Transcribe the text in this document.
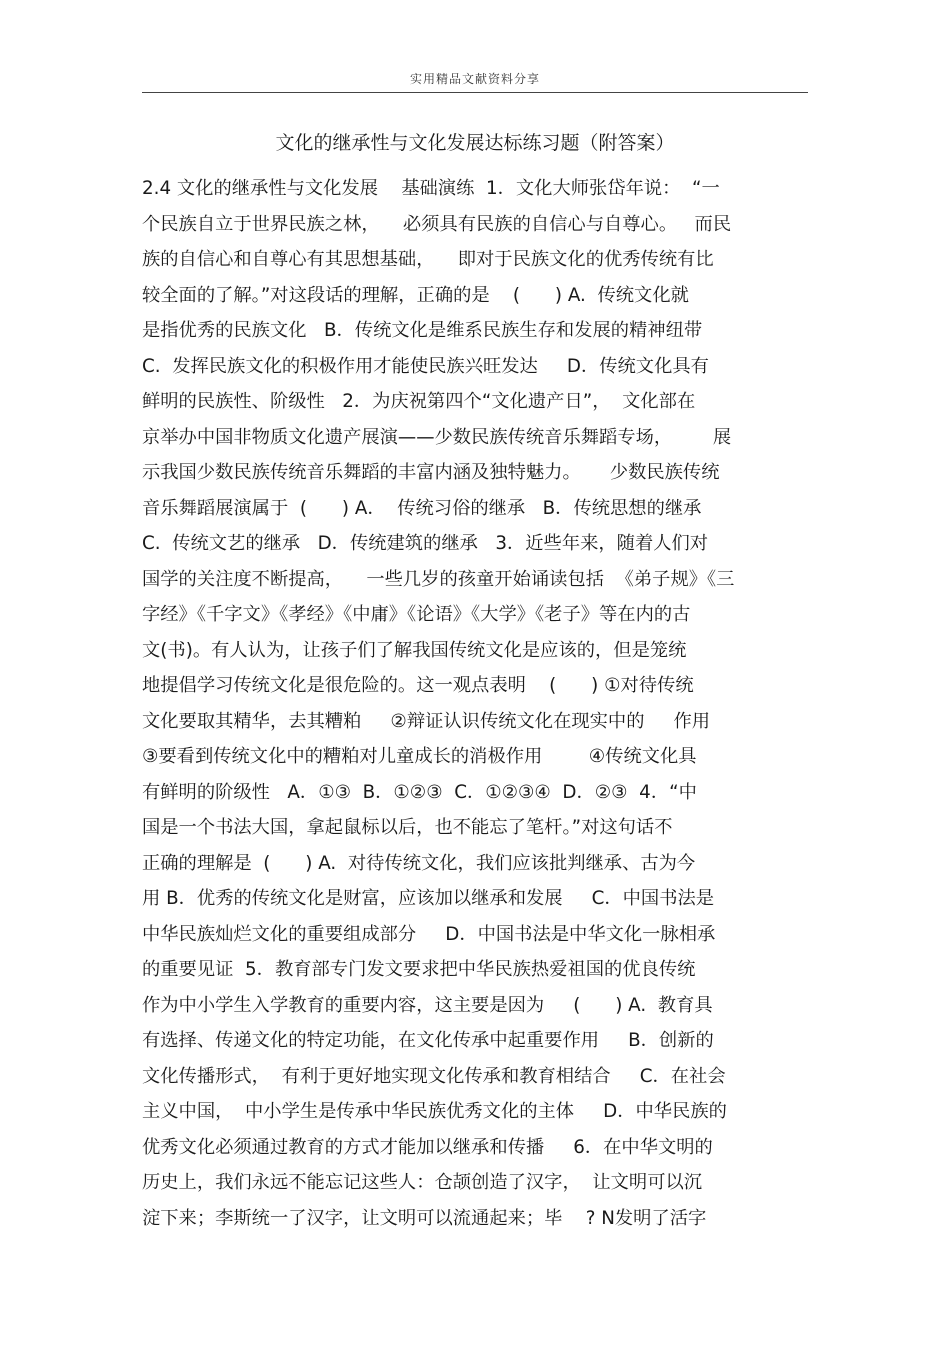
实用精品文献资料分享
文化的继承性与文化发展达标练习题（附答案）
2.4 文化的继承性与文化发展    基础演练  1．文化大师张岱年说：  “一
个民族自立于世界民族之林，    必须具有民族的自信心与自尊心。   而民
族的自信心和自尊心有其思想基础，    即对于民族文化的优秀传统有比
较全面的了解。”对这段话的理解，正确的是    (      ) A.  传统文化就
是指优秀的民族文化   B．传统文化是维系民族生存和发展的精神纽带
C.  发挥民族文化的积极作用才能使民族兴旺发达     D．传统文化具有
鲜明的民族性、阶级性   2．为庆祝第四个“文化遗产日”，  文化部在
京举办中国非物质文化遗产展演——少数民族传统音乐舞蹈专场，       展
示我国少数民族传统音乐舞蹈的丰富内涵及独特魅力。     少数民族传统
音乐舞蹈展演属于  (      ) A．  传统习俗的继承   B．传统思想的继承
C.  传统文艺的继承   D．传统建筑的继承   3．近些年来，随着人们对
国学的关注度不断提高，    一些几岁的孩童开始诵读包括  《弟子规》《三
字经》《千字文》《孝经》《中庸》《论语》《大学》《老子》等在内的古
文(书)。有人认为，让孩子们了解我国传统文化是应该的，但是笼统
地提倡学习传统文化是很危险的。这一观点表明    (      ) ①对待传统
文化要取其精华，去其糟粕     ②辩证认识传统文化在现实中的     作用
③要看到传统文化中的糟粕对儿童成长的消极作用        ④传统文化具
有鲜明的阶级性   A．①③  B．①②③  C．①②③④  D．②③  4．“中
国是一个书法大国，拿起鼠标以后，也不能忘了笔杆。”对这句话不
正确的理解是  (      ) A.  对待传统文化，我们应该批判继承、古为今
用 B．优秀的传统文化是财富，应该加以继承和发展     C．中国书法是
中华民族灿烂文化的重要组成部分     D．中国书法是中华文化一脉相承
的重要见证  5．教育部专门发文要求把中华民族热爱祖国的优良传统
作为中小学生入学教育的重要内容，这主要是因为     (      ) A.  教育具
有选择、传递文化的特定功能，在文化传承中起重要作用     B．创新的
文化传播形式，  有利于更好地实现文化传承和教育相结合     C．在社会
主义中国，  中小学生是传承中华民族优秀文化的主体     D．中华民族的
优秀文化必须通过教育的方式才能加以继承和传播     6．在中华文明的
历史上，我们永远不能忘记这些人：仓颉创造了汉字，  让文明可以沉
淀下来；李斯统一了汉字，让文明可以流通起来；毕    ? N发明了活字
